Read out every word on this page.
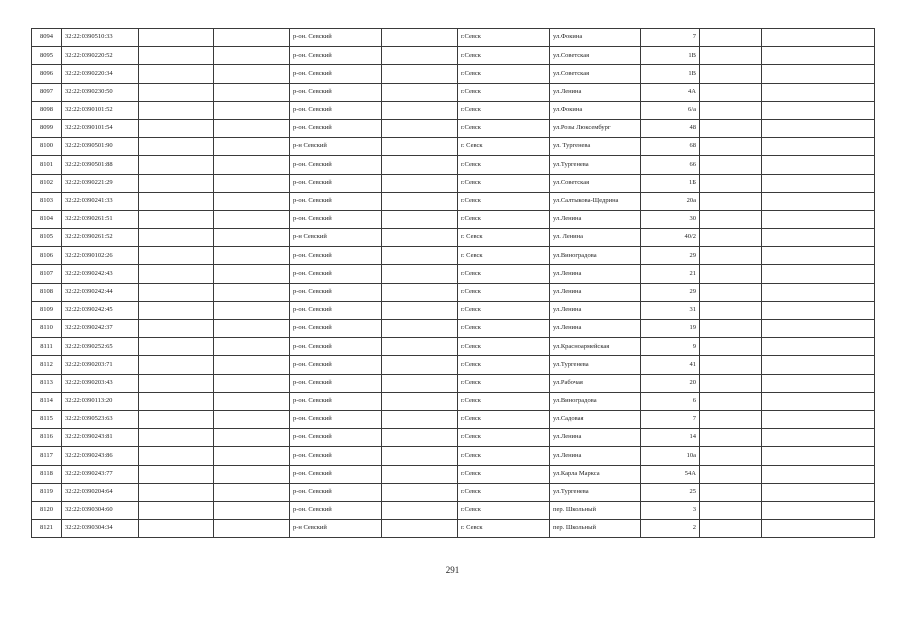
8094	32:22:0390510:33			р-он. Севский		г.Севск	ул.Фокина	7		
8095	32:22:0390220:52			р-он. Севский		г.Севск	ул.Советская	1В		
8096	32:22:0390220:34			р-он. Севский		г.Севск	ул.Советская	1В		
8097	32:22:0390230:50			р-он. Севский		г.Севск	ул.Ленина	4А		
8098	32:22:0390101:52			р-он. Севский		г.Севск	ул.Фокина	6/а		
8099	32:22:0390101:54			р-он. Севский		г.Севск	ул.Розы Люксембург	48		
8100	32:22:0390501:90			р-н Севский		г. Севск	ул. Тургенева	68		
8101	32:22:0390501:88			р-он. Севский		г.Севск	ул.Тургенева	66		
8102	32:22:0390221:29			р-он. Севский		г.Севск	ул.Советская	1Б		
8103	32:22:0390241:33			р-он. Севский		г.Севск	ул.Салтыкова-Щедрина	20а		
8104	32:22:0390261:51			р-он. Севский		г.Севск	ул.Ленина	30		
8105	32:22:0390261:52			р-н Севский		г. Севск	ул. Ленина	40/2		
8106	32:22:0390102:26			р-он. Севский		г. Севск	ул.Виноградова	29		
8107	32:22:0390242:43			р-он. Севский		г.Севск	ул.Ленина	21		
8108	32:22:0390242:44			р-он. Севский		г.Севск	ул.Ленина	29		
8109	32:22:0390242:45			р-он. Севский		г.Севск	ул.Ленина	31		
8110	32:22:0390242:37			р-он. Севский		г.Севск	ул.Ленина	19		
8111	32:22:0390252:65			р-он. Севский		г.Севск	ул.Красноармейская	9		
8112	32:22:0390203:71			р-он. Севский		г.Севск	ул.Тургенева	41		
8113	32:22:0390203:43			р-он. Севский		г.Севск	ул.Рабочая	20		
8114	32:22:0390113:20			р-он. Севский		г.Севск	ул.Виноградова	6		
8115	32:22:0390523:63			р-он. Севский		г.Севск	ул.Садовая	7		
8116	32:22:0390243:81			р-он. Севский		г.Севск	ул.Ленина	14		
8117	32:22:0390243:86			р-он. Севский		г.Севск	ул.Ленина	10а		
8118	32:22:0390243:77			р-он. Севский		г.Севск	ул.Карла Маркса	54А		
8119	32:22:0390204:64			р-он. Севский		г.Севск	ул.Тургенева	25		
8120	32:22:0390304:60			р-он. Севский		г.Севск	пер. Школьный	3		
8121	32:22:0390304:34			р-н Севский		г. Севск	пер. Школьный	2		
291
